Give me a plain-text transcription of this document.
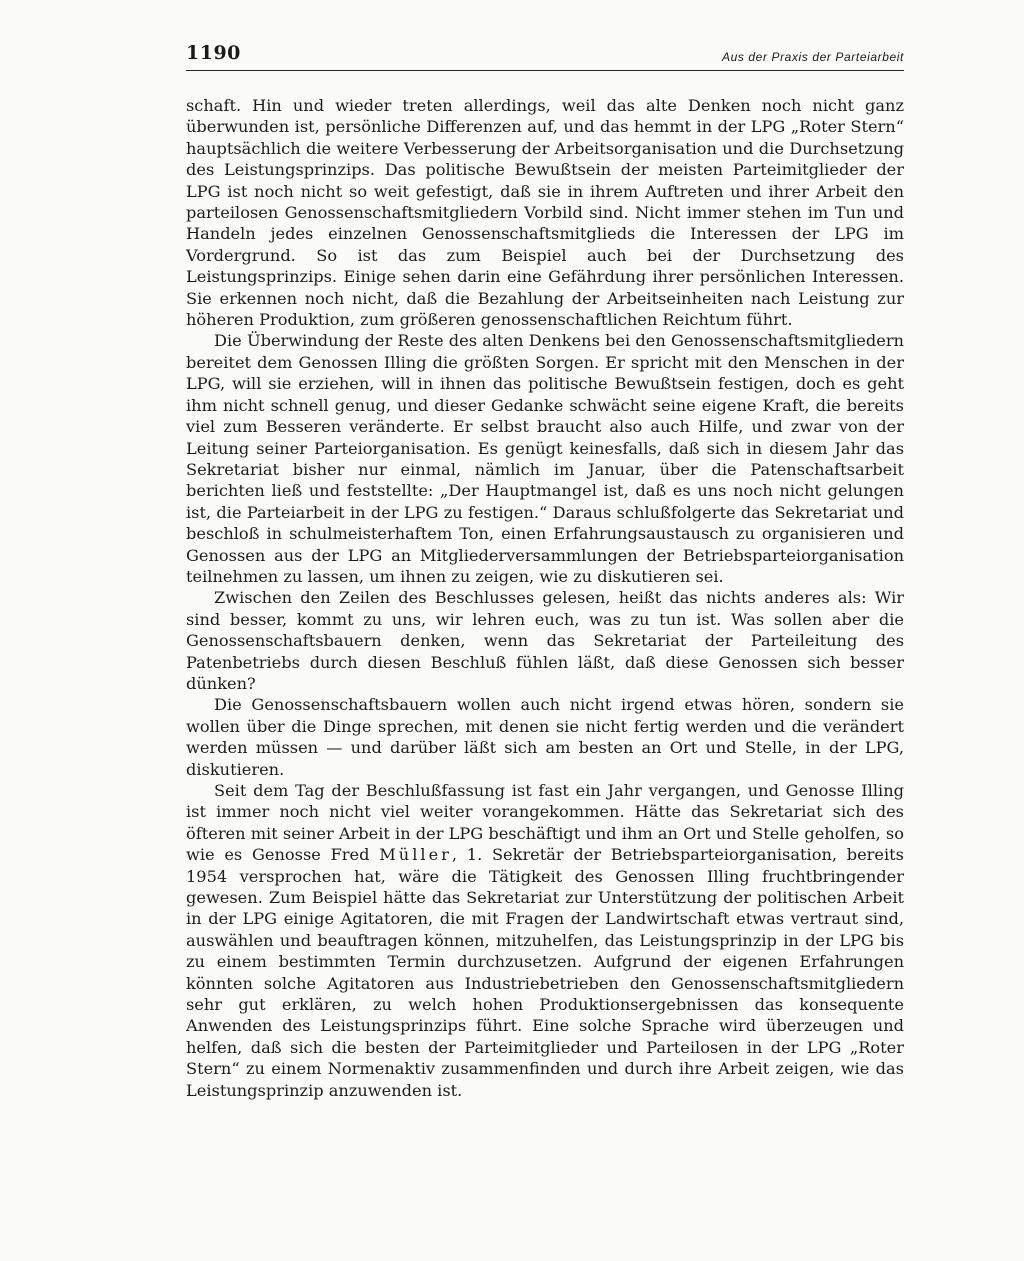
1190	Aus der Praxis der Parteiarbeit

schaft. Hin und wieder treten allerdings, weil das alte Denken noch nicht ganz überwunden ist, persönliche Differenzen auf, und das hemmt in der LPG „Roter Stern“ hauptsächlich die weitere Verbesserung der Arbeitsorganisation und die Durchsetzung des Leistungsprinzips. Das politische Bewußtsein der meisten Parteimitglieder der LPG ist noch nicht so weit gefestigt, daß sie in ihrem Auftreten und ihrer Arbeit den parteilosen Genossenschaftsmitgliedern Vorbild sind. Nicht immer stehen im Tun und Handeln jedes einzelnen Genossenschaftsmitglieds die Interessen der LPG im Vordergrund. So ist das zum Beispiel auch bei der Durchsetzung des Leistungsprinzips. Einige sehen darin eine Gefährdung ihrer persönlichen Interessen. Sie erkennen noch nicht, daß die Bezahlung der Arbeitseinheiten nach Leistung zur höheren Produktion, zum größeren genossenschaftlichen Reichtum führt.

Die Überwindung der Reste des alten Denkens bei den Genossenschaftsmitgliedern bereitet dem Genossen Illing die größten Sorgen. Er spricht mit den Menschen in der LPG, will sie erziehen, will in ihnen das politische Bewußtsein festigen, doch es geht ihm nicht schnell genug, und dieser Gedanke schwächt seine eigene Kraft, die bereits viel zum Besseren veränderte. Er selbst braucht also auch Hilfe, und zwar von der Leitung seiner Parteiorganisation. Es genügt keinesfalls, daß sich in diesem Jahr das Sekretariat bisher nur einmal, nämlich im Januar, über die Patenschaftsarbeit berichten ließ und feststellte: „Der Hauptmangel ist, daß es uns noch nicht gelungen ist, die Parteiarbeit in der LPG zu festigen.“ Daraus schlußfolgerte das Sekretariat und beschloß in schulmeisterhaftem Ton, einen Erfahrungsaustausch zu organisieren und Genossen aus der LPG an Mitgliederversammlungen der Betriebsparteiorganisation teilnehmen zu lassen, um ihnen zu zeigen, wie zu diskutieren sei.

Zwischen den Zeilen des Beschlusses gelesen, heißt das nichts anderes als: Wir sind besser, kommt zu uns, wir lehren euch, was zu tun ist. Was sollen aber die Genossenschaftsbauern denken, wenn das Sekretariat der Parteileitung des Patenbetriebs durch diesen Beschluß fühlen läßt, daß diese Genossen sich besser dünken?

Die Genossenschaftsbauern wollen auch nicht irgend etwas hören, sondern sie wollen über die Dinge sprechen, mit denen sie nicht fertig werden und die verändert werden müssen — und darüber läßt sich am besten an Ort und Stelle, in der LPG, diskutieren.

Seit dem Tag der Beschlußfassung ist fast ein Jahr vergangen, und Genosse Illing ist immer noch nicht viel weiter vorangekommen. Hätte das Sekretariat sich des öfteren mit seiner Arbeit in der LPG beschäftigt und ihm an Ort und Stelle geholfen, so wie es Genosse Fred Müller, 1. Sekretär der Betriebsparteiorganisation, bereits 1954 versprochen hat, wäre die Tätigkeit des Genossen Illing fruchtbringender gewesen. Zum Beispiel hätte das Sekretariat zur Unterstützung der politischen Arbeit in der LPG einige Agitatoren, die mit Fragen der Landwirtschaft etwas vertraut sind, auswählen und beauftragen können, mitzuhelfen, das Leistungsprinzip in der LPG bis zu einem bestimmten Termin durchzusetzen. Aufgrund der eigenen Erfahrungen könnten solche Agitatoren aus Industriebetrieben den Genossenschaftsmitgliedern sehr gut erklären, zu welch hohen Produktionsergebnissen das konsequente Anwenden des Leistungsprinzips führt. Eine solche Sprache wird überzeugen und helfen, daß sich die besten der Parteimitglieder und Parteilosen in der LPG „Roter Stern“ zu einem Normenaktiv zusammenfinden und durch ihre Arbeit zeigen, wie das Leistungsprinzip anzuwenden ist.
